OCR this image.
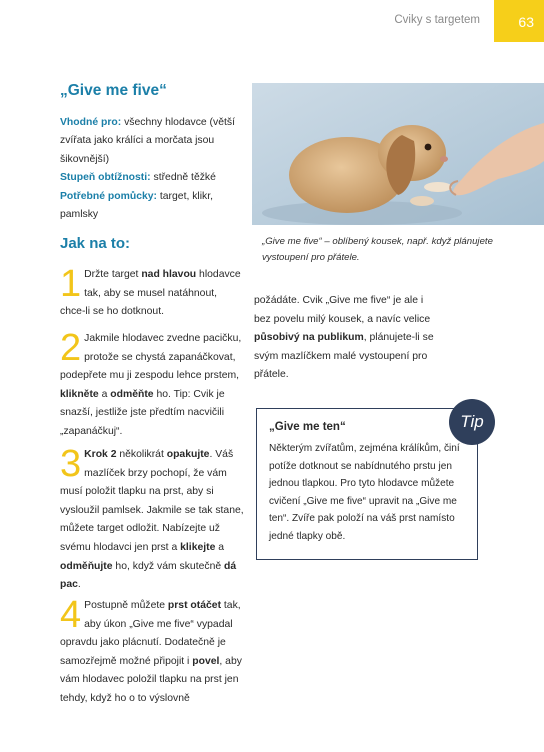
Cviky s targetem	63

„Give me five“ – oblíbený kousek, např. když plánujete vystoupení pro přátele.

„Give me five“
Vhodné pro: všechny hlodavce (větší zvířata jako králíci a morčata jsou šikovnější)
Stupeň obtížnosti: středně těžké
Potřebné pomůcky: target, klikr, pamlsky
Jak na to:
1 Držte target nad hlavou hlodavce tak, aby se musel natáhnout, chce-li se ho dotknout.
2 Jakmile hlodavec zvedne pacičku, protože se chystá zapanáčkovat, podepřete mu ji zespodu lehce prstem, klikněte a odměňte ho. Tip: Cvik je snazší, jestliže jste předtím nacvičili „zapanáčkuj“.
3 Krok 2 několikrát opakujte. Váš mazlíček brzy pochopí, že vám musí položit tlapku na prst, aby si vysloužil pamlsek. Jakmile se tak stane, můžete target odložit. Nabízejte už svému hlodavci jen prst a klikejte a odměňujte ho, když vám skutečně dá pac.
4 Postupně můžete prst otáčet tak, aby úkon „Give me five“ vypadal opravdu jako plácnutí. Dodatečně je samozřejmě možné připojit i povel, aby vám hlodavec položil tlapku na prst jen tehdy, když ho o to výslovně
požádáte. Cvik „Give me five“ je ale i bez povelu milý kousek, a navíc velice působivý na publikum, plánujete-li se svým mazlíčkem malé vystoupení pro přátele.
„Give me ten“
Některým zvířatům, zejména králíkům, činí potíže dotknout se nabídnutého prstu jen jednou tlapkou. Pro tyto hlodavce můžete cvičení „Give me five“ upravit na „Give me ten“. Zvíře pak položí na váš prst namísto jedné tlapky obě.
Tip
